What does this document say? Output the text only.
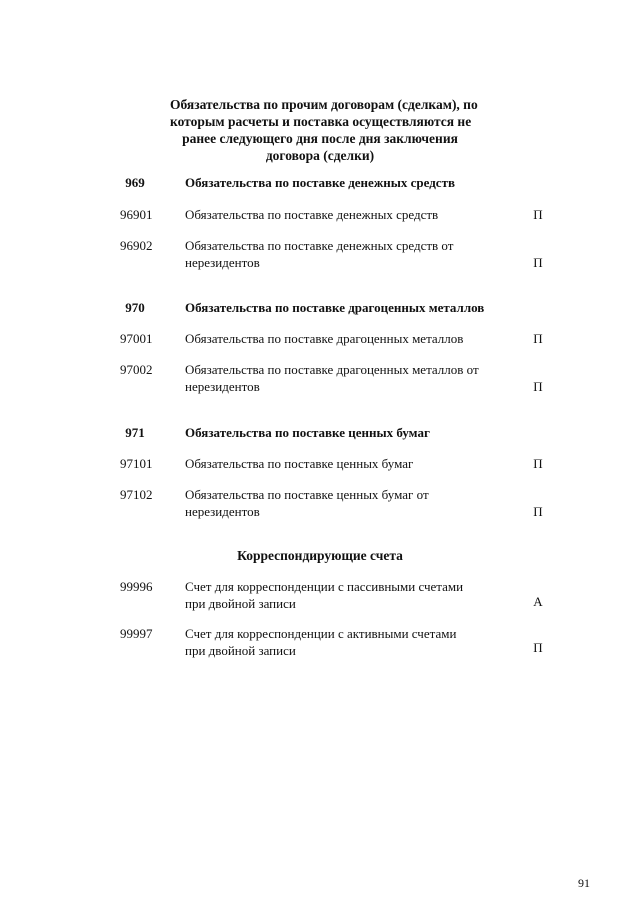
Обязательства по прочим договорам (сделкам), по
которым расчеты и поставка осуществляются не
ранее следующего дня после дня заключения
договора (сделки)
969	Обязательства по поставке денежных средств
96901	Обязательства по поставке денежных средств	П
96902	Обязательства по поставке денежных средств от
нерезидентов	П
970	Обязательства по поставке драгоценных металлов
97001	Обязательства по поставке драгоценных металлов	П
97002	Обязательства по поставке драгоценных металлов от
нерезидентов	П
971	Обязательства по поставке ценных бумаг
97101	Обязательства по поставке ценных бумаг	П
97102	Обязательства по поставке ценных бумаг от
нерезидентов	П
Корреспондирующие счета
99996	Счет для корреспонденции с пассивными счетами
при двойной записи	А
99997	Счет для корреспонденции с активными счетами
при двойной записи	П
91
